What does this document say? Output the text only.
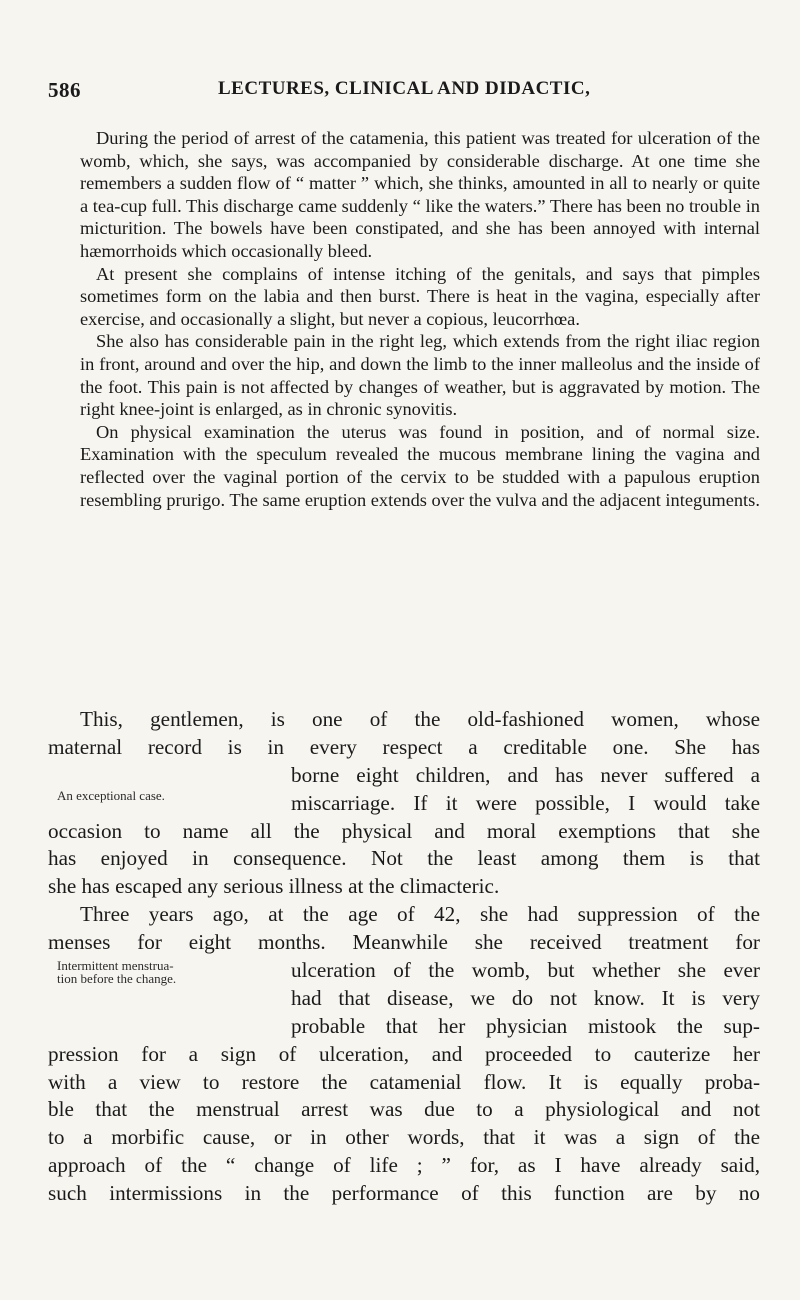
586	LECTURES, CLINICAL AND DIDACTIC,

During the period of arrest of the catamenia, this patient was treated for ulceration of the womb, which, she says, was accompanied by considerable discharge. At one time she remembers a sudden flow of “ matter ” which, she thinks, amounted in all to nearly or quite a tea-cup full. This discharge came suddenly “ like the waters.” There has been no trouble in micturition. The bowels have been constipated, and she has been annoyed with internal hæmorrhoids which occasionally bleed.

At present she complains of intense itching of the genitals, and says that pimples sometimes form on the labia and then burst. There is heat in the vagina, especially after exercise, and occasionally a slight, but never a copious, leucorrhœa.

She also has considerable pain in the right leg, which extends from the right iliac region in front, around and over the hip, and down the limb to the inner malleolus and the inside of the foot. This pain is not affected by changes of weather, but is aggravated by motion. The right knee-joint is enlarged, as in chronic synovitis.

On physical examination the uterus was found in position, and of normal size. Examination with the speculum revealed the mucous membrane lining the vagina and reflected over the vaginal portion of the cervix to be studded with a papulous eruption resembling prurigo. The same eruption extends over the vulva and the adjacent integuments.

This, gentlemen, is one of the old-fashioned women, whose
maternal record is in every respect a creditable one. She has
borne eight children, and has never suffered a
miscarriage. If it were possible, I would take
occasion to name all the physical and moral exemptions that she
has enjoyed in consequence. Not the least among them is that
she has escaped any serious illness at the climacteric.
Three years ago, at the age of 42, she had suppression of the
menses for eight months. Meanwhile she received treatment for
ulceration of the womb, but whether she ever
had that disease, we do not know. It is very
probable that her physician mistook the sup-
pression for a sign of ulceration, and proceeded to cauterize her
with a view to restore the catamenial flow. It is equally proba-
ble that the menstrual arrest was due to a physiological and not
to a morbific cause, or in other words, that it was a sign of the
approach of the “ change of life ; ” for, as I have already said,
such intermissions in the performance of this function are by no
An exceptional case.
Intermittent menstrua-
tion before the change.
